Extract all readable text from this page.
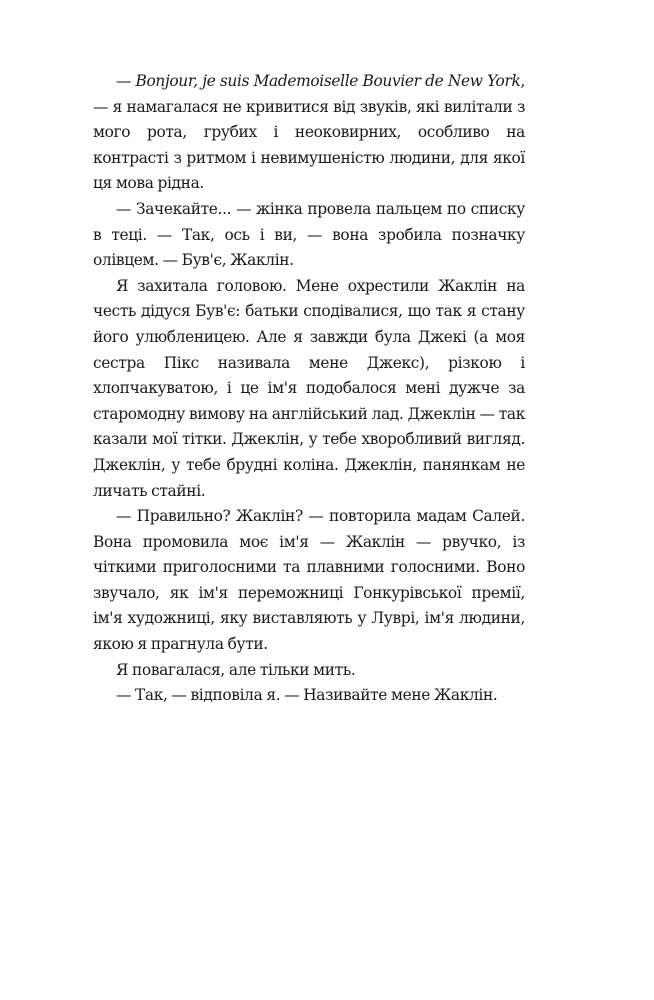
— Bonjour, je suis Mademoiselle Bouvier de New York, — я намагалася не кривитися від звуків, які вилітали з мого рота, грубих і неоковирних, особливо на контрасті з ритмом і невимушеністю людини, для якої ця мова рідна.

— Зачекайте... — жінка провела пальцем по списку в теці. — Так, ось і ви, — вона зробила позначку олівцем. — Був'є, Жаклін.

Я захитала головою. Мене охрестили Жаклін на честь дідуся Був'є: батьки сподівалися, що так я стану його улюбленицею. Але я завжди була Джекі (а моя сестра Пікс називала мене Джекс), різкою і хлопчакуватою, і це ім'я подобалося мені дужче за старомодну вимову на англійський лад. Джеклін — так казали мої тітки. Джеклін, у тебе хворобливий вигляд. Джеклін, у тебе брудні коліна. Джеклін, панянкам не личать стайні.

— Правильно? Жаклін? — повторила мадам Салей. Вона промовила моє ім'я — Жаклін — рвучко, із чіткими приголосними та плавними голосними. Воно звучало, як ім'я переможниці Гонкурівської премії, ім'я художниці, яку виставляють у Луврі, ім'я людини, якою я прагнула бути.

Я повагалася, але тільки мить.

— Так, — відповіла я. — Називайте мене Жаклін.
